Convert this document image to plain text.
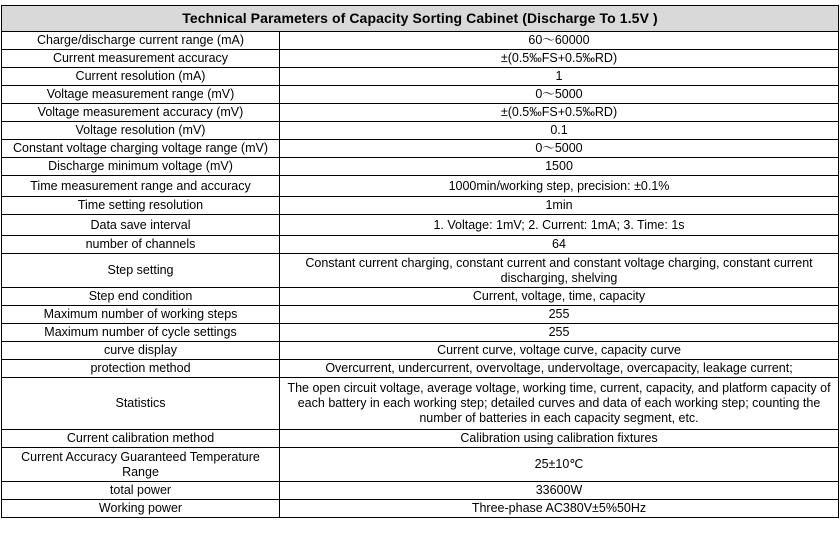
Technical Parameters of Capacity Sorting Cabinet (Discharge To 1.5V )	
Charge/discharge current range (mA)	60～60000
Current measurement accuracy	±(0.5‰FS+0.5‰RD)
Current resolution (mA)	1
Voltage measurement range (mV)	0～5000
Voltage measurement accuracy (mV)	±(0.5‰FS+0.5‰RD)
Voltage resolution (mV)	0.1
Constant voltage charging voltage range (mV)	0～5000
Discharge minimum voltage (mV)	1500
Time measurement range and accuracy	1000min/working step, precision: ±0.1%
Time setting resolution	1min
Data save interval	1. Voltage: 1mV; 2. Current: 1mA; 3. Time: 1s
number of channels	64
Step setting	Constant current charging, constant current and constant voltage charging, constant current discharging, shelving
Step end condition	Current, voltage, time, capacity
Maximum number of working steps	255
Maximum number of cycle settings	255
curve display	Current curve, voltage curve, capacity curve
protection method	Overcurrent, undercurrent, overvoltage, undervoltage, overcapacity, leakage current;
Statistics	The open circuit voltage, average voltage, working time, current, capacity, and platform capacity of each battery in each working step; detailed curves and data of each working step; counting the number of batteries in each capacity segment, etc.
Current calibration method	Calibration using calibration fixtures
Current Accuracy Guaranteed Temperature Range	25±10℃
total power	33600W
Working power	Three-phase AC380V±5%50Hz
